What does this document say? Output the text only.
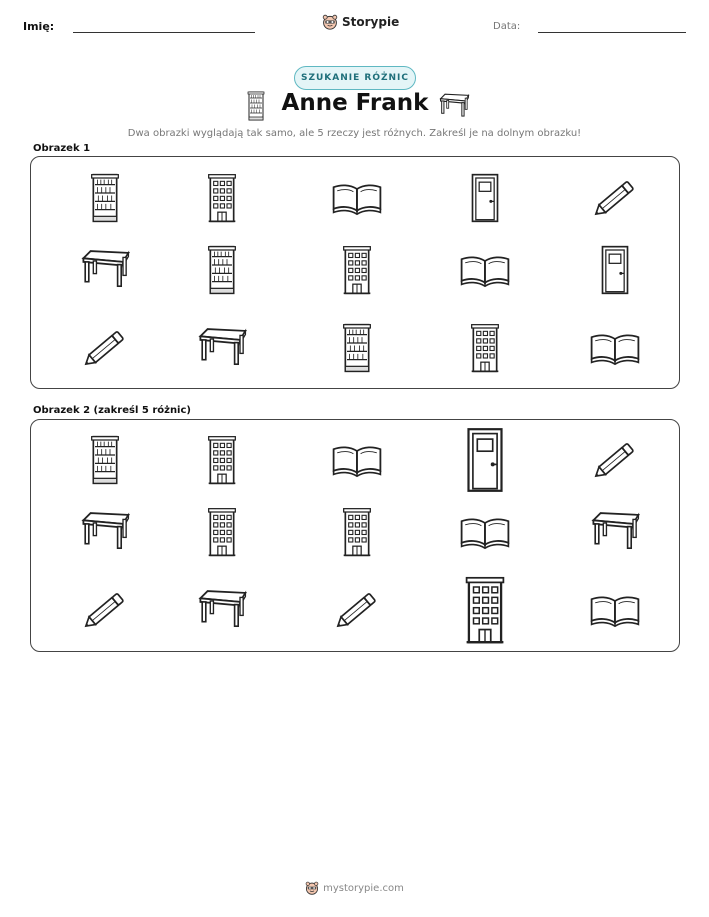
Imię:	Storypie	Data:
SZUKANIE RÓŻNIC
Anne Frank
Dwa obrazki wyglądają tak samo, ale 5 rzeczy jest różnych. Zakreśl je na dolnym obrazku!
Obrazek 1
Obrazek 2 (zakreśl 5 różnic)
mystorypie.com
